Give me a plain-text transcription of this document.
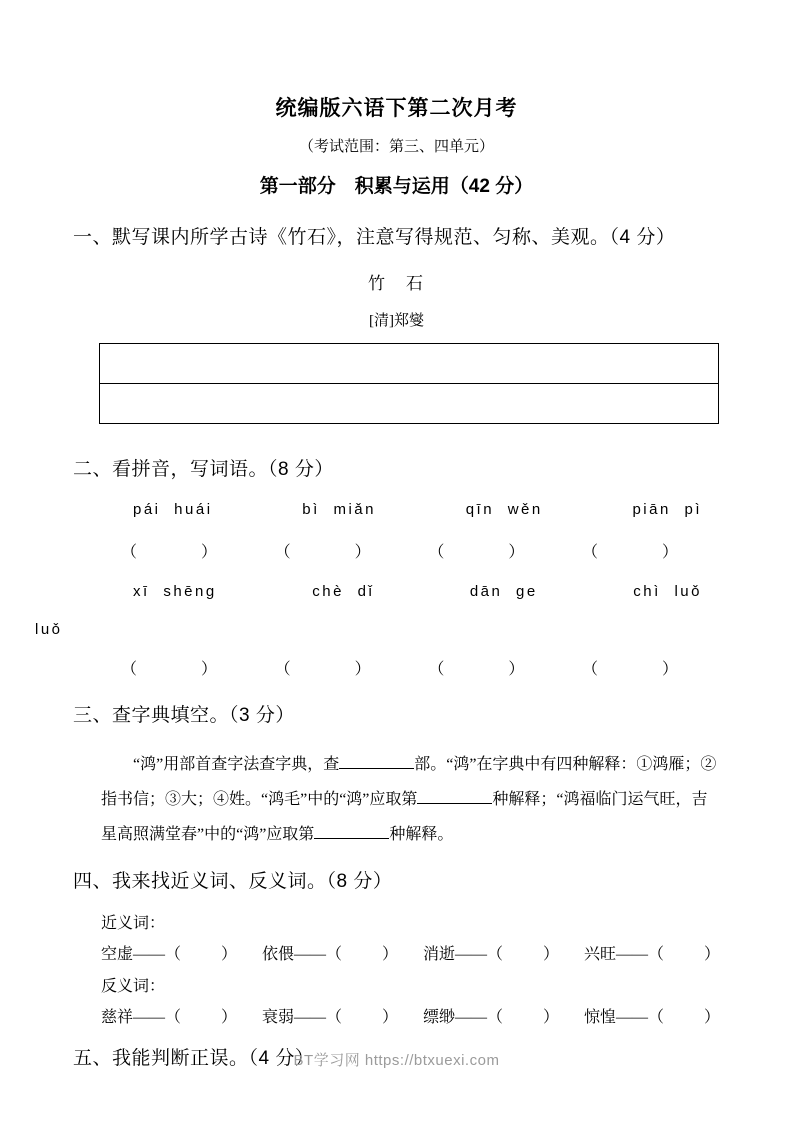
统编版六语下第二次月考
（考试范围：第三、四单元）
第一部分　积累与运用（42 分）
一、默写课内所学古诗《竹石》，注意写得规范、匀称、美观。（4 分）
竹　石
[清]郑燮
二、看拼音，写词语。（8 分）
pái huái	bì miǎn	qīn wěn	piān pì
（	）	（	）	（	）	（	）
xī shēng	chè dǐ	dān ge	chì luǒ
luǒ
（	）	（	）	（	）	（	）
三、查字典填空。（3 分）

“鸿”用部首查字法查字典，查	部。“鸿”在字典中有四种解释：①鸿雁；②指书信；③大；④姓。“鸿毛”中的“鸿”应取第	种解释；“鸿福临门运气旺，吉星高照满堂春”中的“鸿”应取第	种解释。

四、我来找近义词、反义词。（8 分）
近义词：
空虚 —— （	） 依偎 —— （	） 消逝 —— （	） 兴旺 —— （	）
反义词：
慈祥 —— （	） 衰弱 —— （	） 缥缈 —— （	） 惊惶 —— （	）
五、我能判断正误。（4 分）
BT学习网 https://btxuexi.com
